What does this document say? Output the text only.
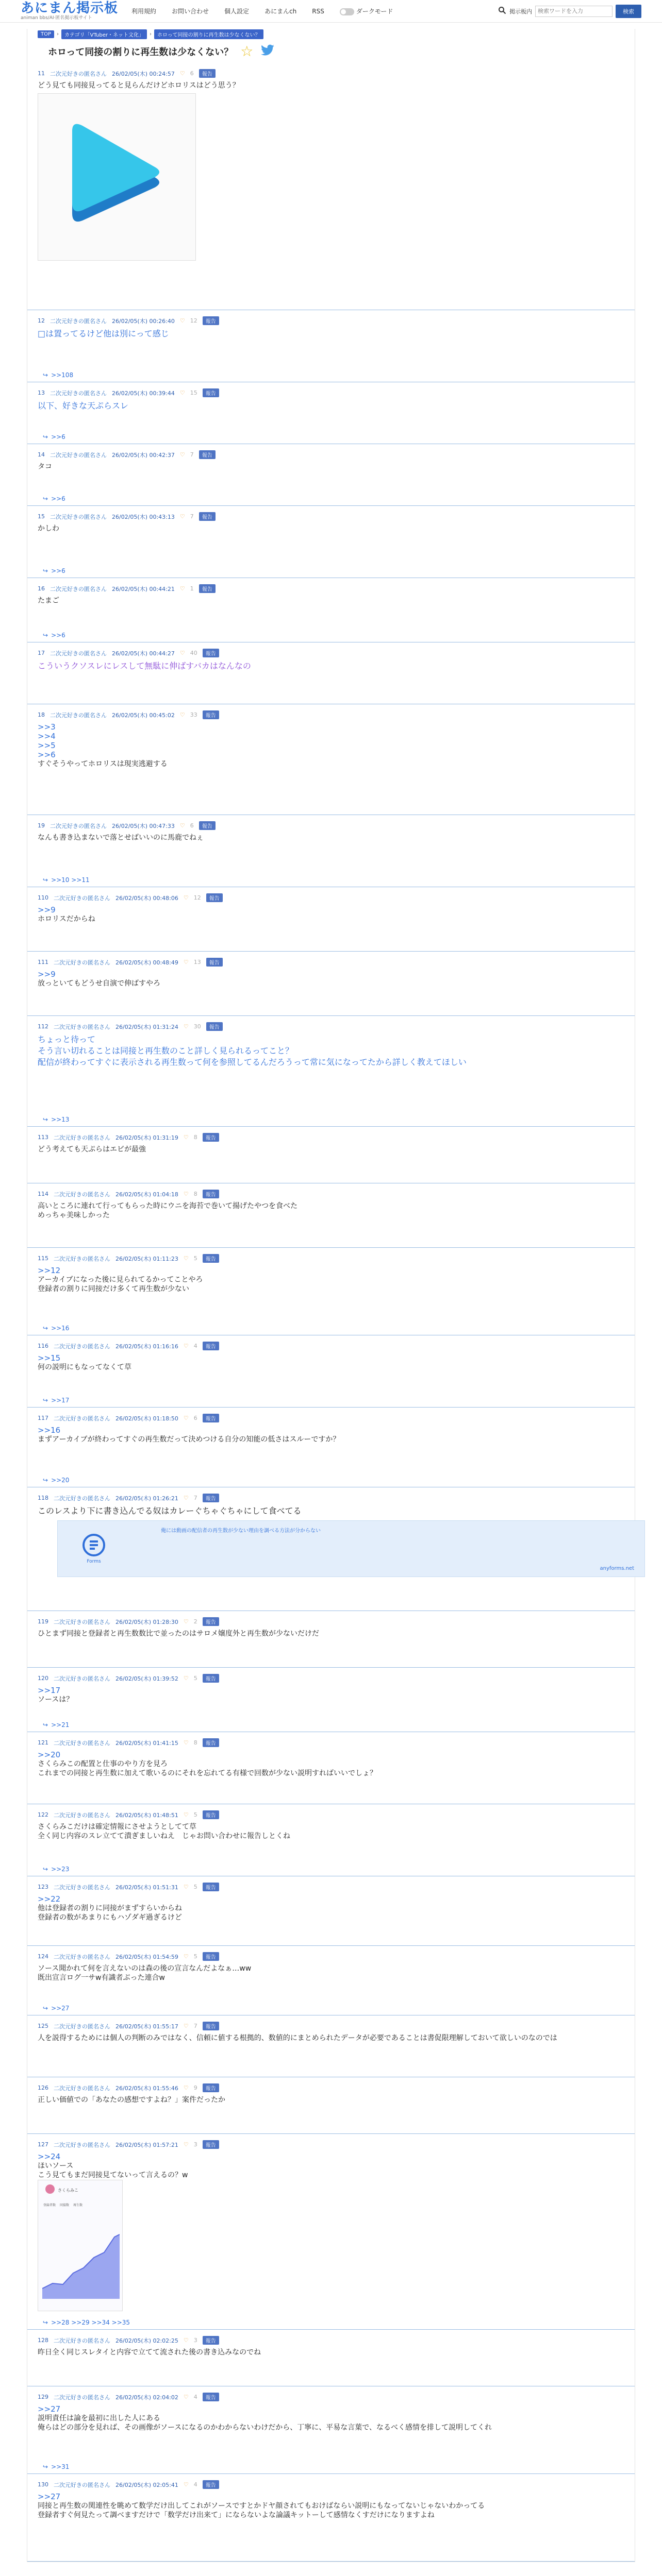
あにまん掲示板
animan bbs/AI·匿名掲示板サイト
利用規約	お問い合わせ	個人設定	あにまんch	RSS	ダークモード	掲示板内
検索ワードを入力	検索
TOP	›	カテゴリ「VTuber・ネット文化」	›	ホロって同接の割りに再生数は少なくない？
ホロって同接の割りに再生数は少なくない？ ☆
11 二次元好きの匿名さん 26/02/05(木) 00:24:57 ♡ 6	報告
どう見ても同接見ってると見らんだけどホロリスはどう思う？
12 二次元好きの匿名さん 26/02/05(木) 00:26:40 ♡ 12	報告
□は置ってるけど他は別にって感じ
↪ >>108
13 二次元好きの匿名さん 26/02/05(木) 00:39:44 ♡ 15	報告
以下、好きな天ぷらスレ
↪ >>6
14 二次元好きの匿名さん 26/02/05(木) 00:42:37 ♡ 7	報告
タコ
↪ >>6
15 二次元好きの匿名さん 26/02/05(木) 00:43:13 ♡ 7	報告
かしわ
↪ >>6
16 二次元好きの匿名さん 26/02/05(木) 00:44:21 ♡ 1	報告
たまご
↪ >>6
17 二次元好きの匿名さん 26/02/05(木) 00:44:27 ♡ 40	報告
こういうクソスレにレスして無駄に伸ばすバカはなんなの
18 二次元好きの匿名さん 26/02/05(木) 00:45:02 ♡ 33	報告
>>3
>>4
>>5
>>6
すぐそうやってホロリスは現実逃避する
19 二次元好きの匿名さん 26/02/05(木) 00:47:33 ♡ 6	報告
なんも書き込まないで落とせばいいのに馬鹿でねぇ
↪ >>10 >>11
110 二次元好きの匿名さん 26/02/05(木) 00:48:06 ♡ 12	報告
>>9
ホロリスだからね
111 二次元好きの匿名さん 26/02/05(木) 00:48:49 ♡ 13	報告
>>9
放っといてもどうせ自演で伸ばすやろ
112 二次元好きの匿名さん 26/02/05(木) 01:31:24 ♡ 30	報告
ちょっと待って
そう言い切れることは同接と再生数のこと詳しく見られるってこと？
配信が終わってすぐに表示される再生数って何を参照してるんだろうって常に気になってたから詳しく教えてほしい
↪ >>13
113 二次元好きの匿名さん 26/02/05(木) 01:31:19 ♡ 8	報告
どう考えても天ぷらはエビが最強
114 二次元好きの匿名さん 26/02/05(木) 01:04:18 ♡ 8	報告
高いところに連れて行ってもらった時にウニを海苔で巻いて揚げたやつを食べた
めっちゃ美味しかった
115 二次元好きの匿名さん 26/02/05(木) 01:11:23 ♡ 5	報告
>>12
アーカイブになった後に見られてるかってことやろ
登録者の割りに同接だけ多くて再生数が少ない
↪ >>16
116 二次元好きの匿名さん 26/02/05(木) 01:16:16 ♡ 4	報告
>>15
何の説明にもなってなくて草
↪ >>17
117 二次元好きの匿名さん 26/02/05(木) 01:18:50 ♡ 6	報告
>>16
まずアーカイブが終わってすぐの再生数だって決めつける自分の知能の低さはスルーですか？
↪ >>20
118 二次元好きの匿名さん 26/02/05(木) 01:26:21 ♡ 7	報告
このレスより下に書き込んでる奴はカレーぐちゃぐちゃにして食べてる
Forms
俺には動画の配信者の再生数が少ない理由を調べる方法が分からない
anyforms.net
119 二次元好きの匿名さん 26/02/05(木) 01:28:30 ♡ 2	報告
ひとまず同接と登録者と再生数数比で並ったのはサロメ嬢度外と再生数が少ないだけだ
120 二次元好きの匿名さん 26/02/05(木) 01:39:52 ♡ 5	報告
>>17
ソースは？
↪ >>21
121 二次元好きの匿名さん 26/02/05(木) 01:41:15 ♡ 8	報告
>>20
さくらみこの配置と仕事のやり方を見ろ
これまでの同接と再生数に加えて歌いるのにそれを忘れてる有様で回数が少ない説明すればいいでしょ？
122 二次元好きの匿名さん 26/02/05(木) 01:48:51 ♡ 5	報告
さくらみこだけは確定情報にさせようとしてて草
全く同じ内容のスレ立てて潰ぎましいねえ　じゃお問い合わせに報告しとくね
↪ >>23
123 二次元好きの匿名さん 26/02/05(木) 01:51:31 ♡ 5	報告
>>22
他は登録者の割りに同接がまずすらいからね
登録者の数があまりにもハゾダギ過ぎるけど
124 二次元好きの匿名さん 26/02/05(木) 01:54:59 ♡ 5	報告
ソース聞かれて何を言えないのは森の後の宣言なんだよなぁ…ww
既出宣言ログ一サw有識者ぶった連合w
↪ >>27
125 二次元好きの匿名さん 26/02/05(木) 01:55:17 ♡ 7	報告
人を説得するためには個人の判断のみではなく、信頼に値する根拠的、数値的にまとめられたデータが必要であることは書促限理解しておいて欲しいのなのでは
126 二次元好きの匿名さん 26/02/05(木) 01:55:46 ♡ 9	報告
正しい価値での「あなたの感想ですよね？」案件だったか
127 二次元好きの匿名さん 26/02/05(木) 01:57:21 ♡ 3	報告
>>24
ほいソース
こう見てもまだ同接見てないって言えるの？w
さくらみこ
登録者数 同接数 再生数
↪ >>28 >>29 >>34 >>35
128 二次元好きの匿名さん 26/02/05(木) 02:02:25 ♡ 3	報告
昨日全く同じスレタイと内容で立てて流された後の書き込みなのでね
129 二次元好きの匿名さん 26/02/05(木) 02:04:02 ♡ 4	報告
>>27
説明責任は論を最初に出した人にある
俺らはどの部分を見れば、その画像がソースになるのかわからないわけだから、丁寧に、平易な言葉で、なるべく感情を排して説明してくれ
↪ >>31
130 二次元好きの匿名さん 26/02/05(木) 02:05:41 ♡ 4	報告
>>27
同接と再生数の関連性を眺めて数学だけ出してこれがソースですとかドヤ顔されてもおけばならい説明にもなってないじゃないわかってる
登録者すぐ何見たって調べますだけで「数学だけ出来て」にならないよな論議キットーして感情なくすだけになりますよね
